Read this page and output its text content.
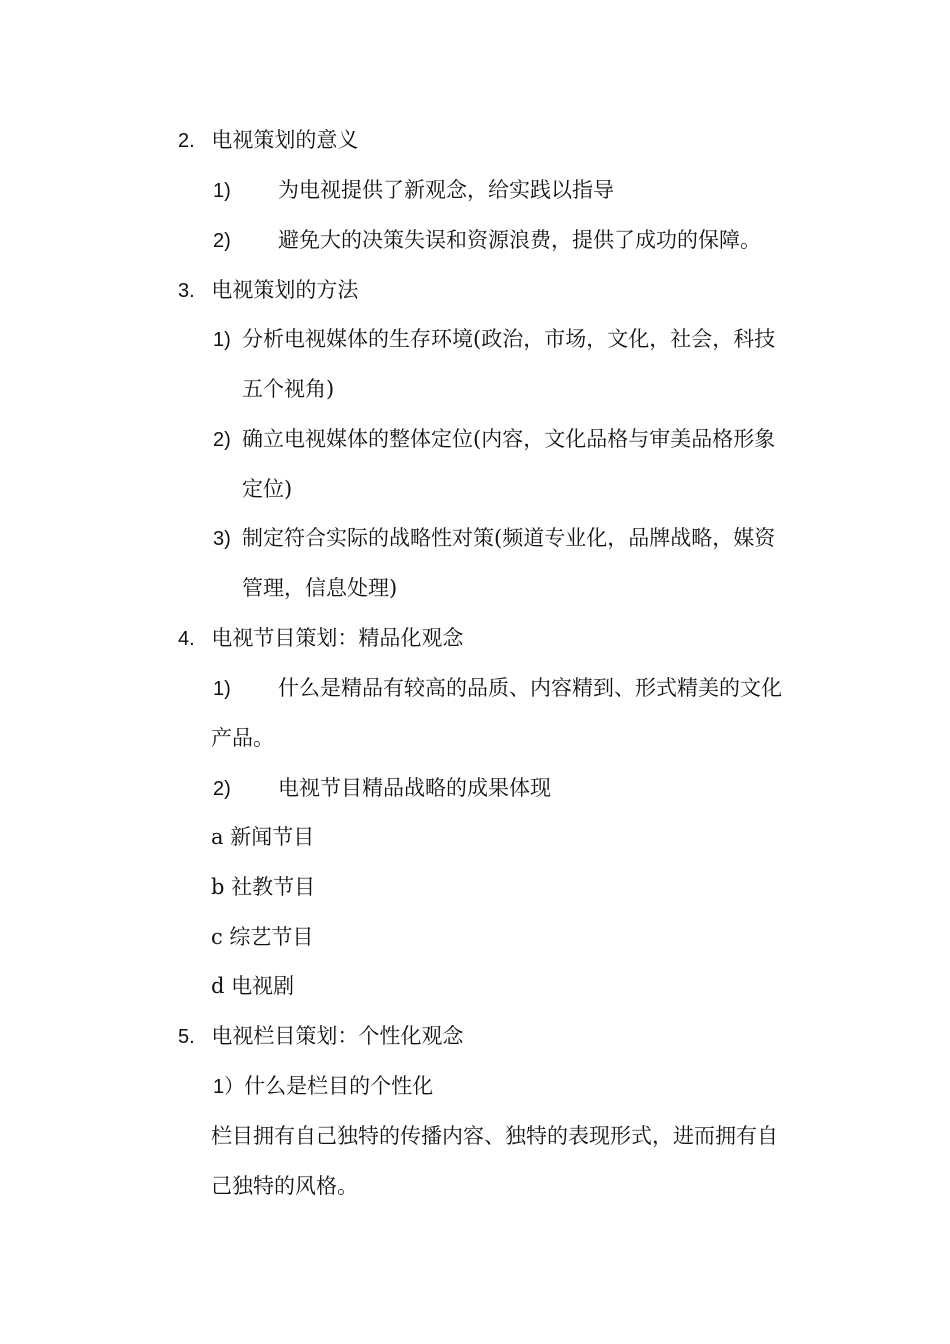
2. 电视策划的意义
1) 为电视提供了新观念，给实践以指导
2) 避免大的决策失误和资源浪费，提供了成功的保障。
3. 电视策划的方法
1) 分析电视媒体的生存环境(政治，市场，文化，社会，科技
五个视角)
2) 确立电视媒体的整体定位(内容，文化品格与审美品格形象
定位)
3) 制定符合实际的战略性对策(频道专业化，品牌战略，媒资
管理，信息处理)
4. 电视节目策划：精品化观念
1) 什么是精品有较高的品质、内容精到、形式精美的文化
产品。
2) 电视节目精品战略的成果体现
a 新闻节目
b 社教节目
c 综艺节目
d 电视剧
5. 电视栏目策划：个性化观念
1）什么是栏目的个性化
栏目拥有自己独特的传播内容、独特的表现形式，进而拥有自
己独特的风格。
